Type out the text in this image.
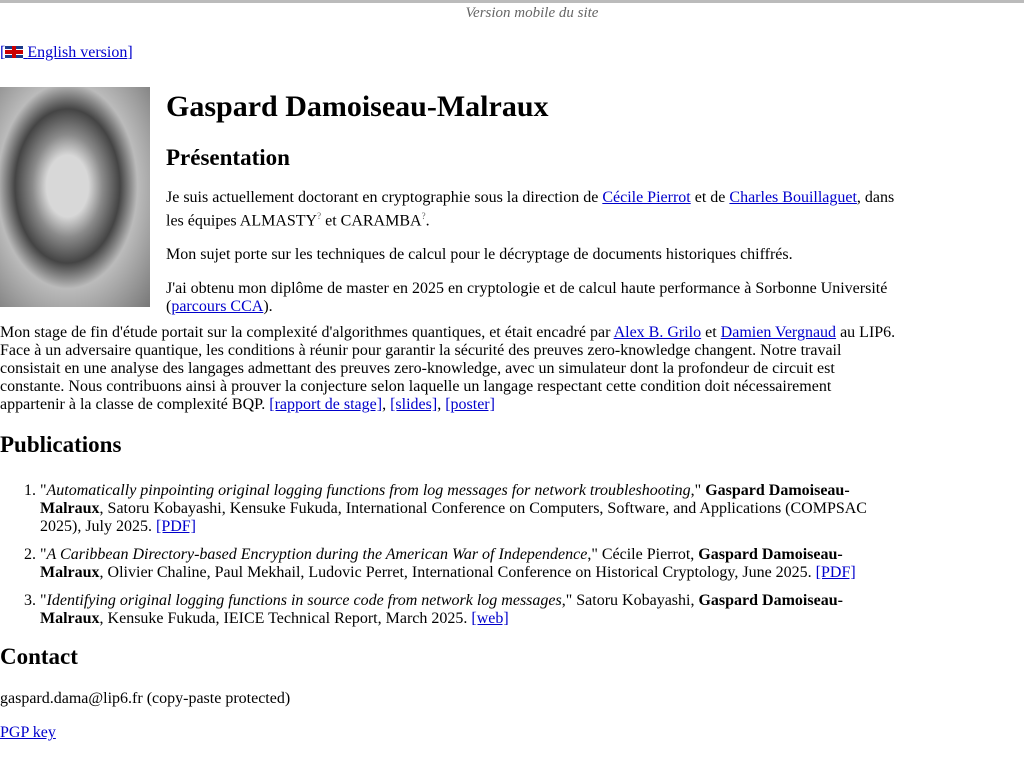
Version mobile du site
[ English version]
Gaspard Damoiseau-Malraux
Présentation

Je suis actuellement doctorant en cryptographie sous la direction de Cécile Pierrot et de Charles Bouillaguet, dans les équipes ALMASTY? et CARAMBA?.

Mon sujet porte sur les techniques de calcul pour le décryptage de documents historiques chiffrés.

J'ai obtenu mon diplôme de master en 2025 en cryptologie et de calcul haute performance à Sorbonne Université (parcours CCA).

Mon stage de fin d'étude portait sur la complexité d'algorithmes quantiques, et était encadré par Alex B. Grilo et Damien Vergnaud au LIP6. Face à un adversaire quantique, les conditions à réunir pour garantir la sécurité des preuves zero-knowledge changent. Notre travail consistait en une analyse des langages admettant des preuves zero-knowledge, avec un simulateur dont la profondeur de circuit est constante. Nous contribuons ainsi à prouver la conjecture selon laquelle un langage respectant cette condition doit nécessairement appartenir à la classe de complexité BQP. [rapport de stage], [slides], [poster]

Publications
1. "Automatically pinpointing original logging functions from log messages for network troubleshooting," Gaspard Damoiseau-Malraux, Satoru Kobayashi, Kensuke Fukuda, International Conference on Computers, Software, and Applications (COMPSAC 2025), July 2025. [PDF]
2. "A Caribbean Directory-based Encryption during the American War of Independence," Cécile Pierrot, Gaspard Damoiseau-Malraux, Olivier Chaline, Paul Mekhail, Ludovic Perret, International Conference on Historical Cryptology, June 2025. [PDF]
3. "Identifying original logging functions in source code from network log messages," Satoru Kobayashi, Gaspard Damoiseau-Malraux, Kensuke Fukuda, IEICE Technical Report, March 2025. [web]
Contact

gaspard.dama@lip6.fr (copy-paste protected)

PGP key
